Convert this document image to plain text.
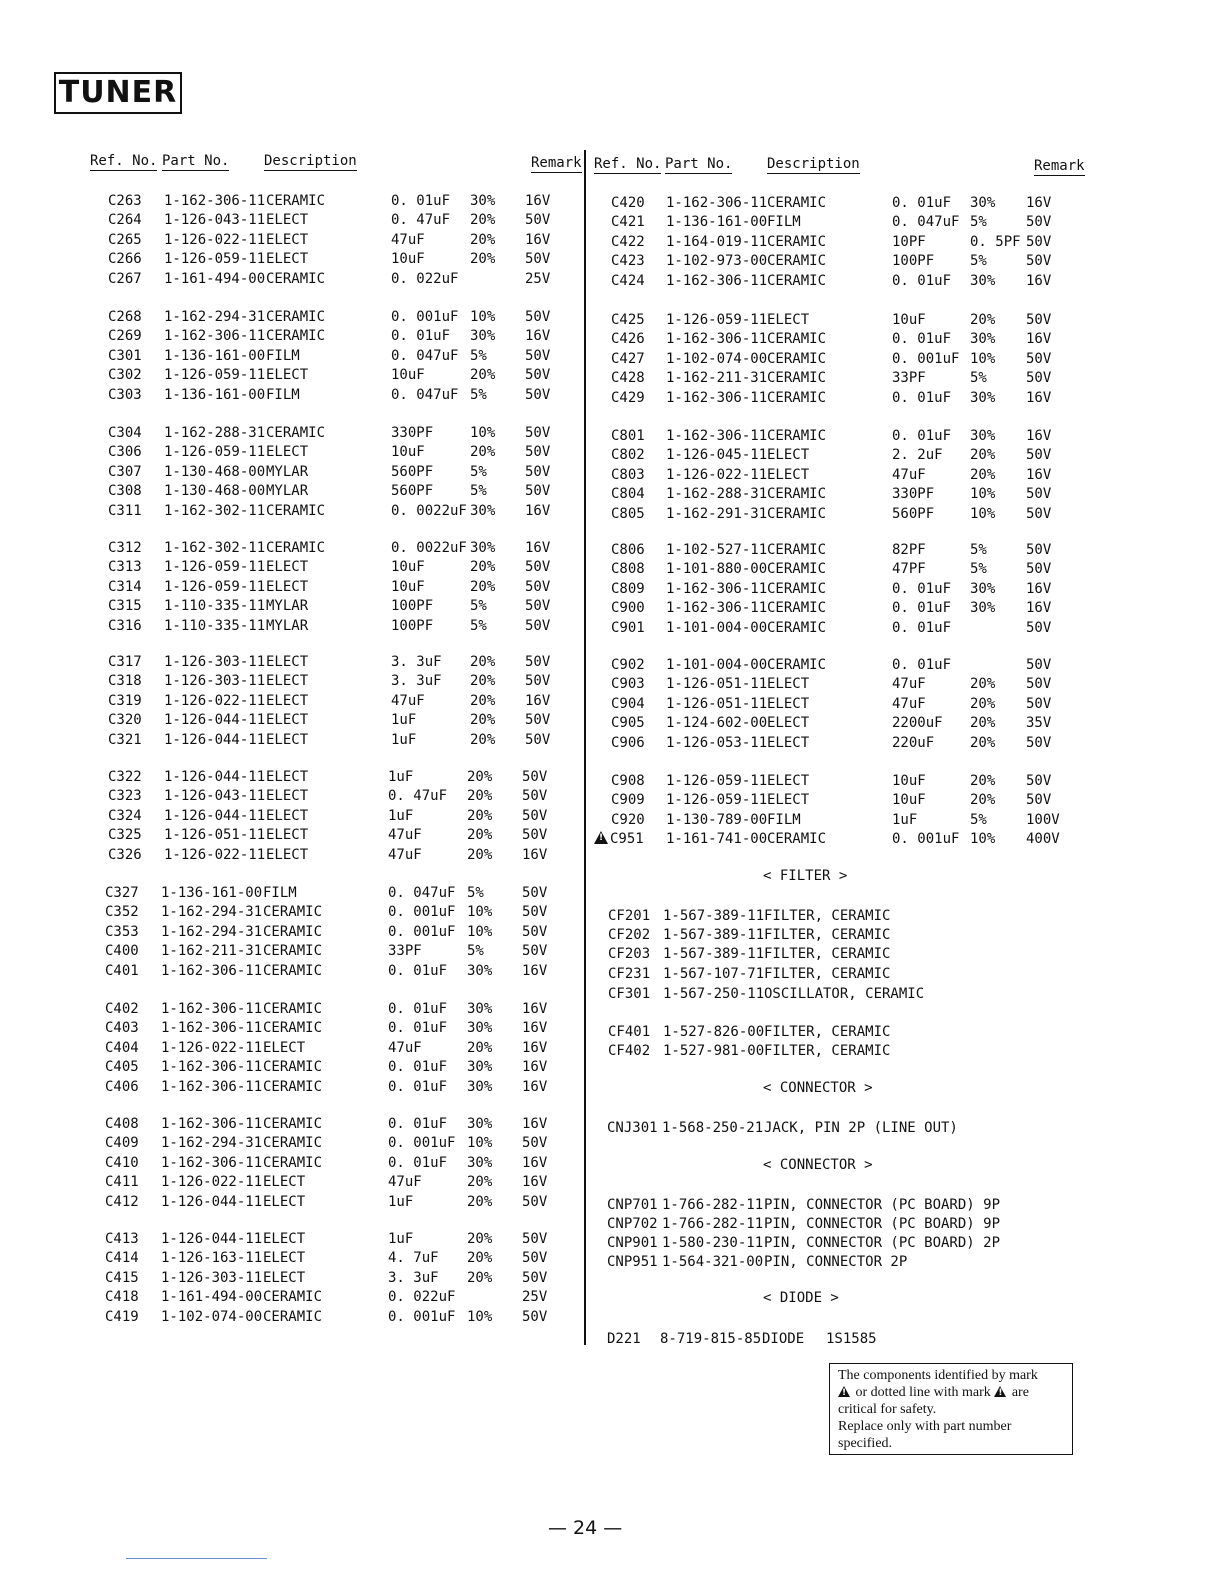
TUNER
Ref. No. Part No. Description	Remark Ref. No. Part No. Description	Remark
C263 1-162-306-11 CERAMIC	0. 01uF 30% 16V
C264 1-126-043-11 ELECT	0. 47uF 20% 50V
C265 1-126-022-11 ELECT	47uF	20% 16V
C266 1-126-059-11 ELECT	10uF	20% 50V
C267 1-161-494-00 CERAMIC	0. 022uF	25V
C268 1-162-294-31 CERAMIC	0. 001uF 10% 50V
C269 1-162-306-11 CERAMIC	0. 01uF 30% 16V
C301 1-136-161-00 FILM	0. 047uF 5%	50V
C302 1-126-059-11 ELECT	10uF	20% 50V
C303 1-136-161-00 FILM	0. 047uF 5%	50V
C304 1-162-288-31 CERAMIC	330PF	10% 50V
C306 1-126-059-11 ELECT	10uF	20% 50V
C307 1-130-468-00 MYLAR	560PF	5%	50V
C308 1-130-468-00 MYLAR	560PF	5%	50V
C311 1-162-302-11 CERAMIC	0. 0022uF 30% 16V
C312 1-162-302-11 CERAMIC	0. 0022uF 30% 16V
C313 1-126-059-11 ELECT	10uF	20% 50V
C314 1-126-059-11 ELECT	10uF	20% 50V
C315 1-110-335-11 MYLAR	100PF	5%	50V
C316 1-110-335-11 MYLAR	100PF	5%	50V
C317 1-126-303-11 ELECT	3. 3uF 20% 50V
C318 1-126-303-11 ELECT	3. 3uF 20% 50V
C319 1-126-022-11 ELECT	47uF	20% 16V
C320 1-126-044-11 ELECT	1uF	20% 50V
C321 1-126-044-11 ELECT	1uF	20% 50V
C322 1-126-044-11 ELECT	1uF	20% 50V
C323 1-126-043-11 ELECT	0. 47uF 20% 50V
C324 1-126-044-11 ELECT	1uF	20% 50V
C325 1-126-051-11 ELECT	47uF	20% 50V
C326 1-126-022-11 ELECT	47uF	20% 16V
C327 1-136-161-00 FILM	0. 047uF 5%	50V
C352 1-162-294-31 CERAMIC	0. 001uF 10% 50V
C353 1-162-294-31 CERAMIC	0. 001uF 10% 50V
C400 1-162-211-31 CERAMIC	33PF	5%	50V
C401 1-162-306-11 CERAMIC	0. 01uF 30% 16V
C402 1-162-306-11 CERAMIC	0. 01uF 30% 16V
C403 1-162-306-11 CERAMIC	0. 01uF 30% 16V
C404 1-126-022-11 ELECT	47uF	20% 16V
C405 1-162-306-11 CERAMIC	0. 01uF 30% 16V
C406 1-162-306-11 CERAMIC	0. 01uF 30% 16V
C408 1-162-306-11 CERAMIC	0. 01uF 30% 16V
C409 1-162-294-31 CERAMIC	0. 001uF 10% 50V
C410 1-162-306-11 CERAMIC	0. 01uF 30% 16V
C411 1-126-022-11 ELECT	47uF	20% 16V
C412 1-126-044-11 ELECT	1uF	20% 50V
C413 1-126-044-11 ELECT	1uF	20% 50V
C414 1-126-163-11 ELECT	4. 7uF 20% 50V
C415 1-126-303-11 ELECT	3. 3uF 20% 50V
C418 1-161-494-00 CERAMIC	0. 022uF	25V
C419 1-102-074-00 CERAMIC	0. 001uF 10% 50V
C420 1-162-306-11 CERAMIC	0. 01uF 30% 16V
C421 1-136-161-00 FILM	0. 047uF 5%	50V
C422 1-164-019-11 CERAMIC	10PF	0. 5PF 50V
C423 1-102-973-00 CERAMIC	100PF	5%	50V
C424 1-162-306-11 CERAMIC	0. 01uF 30% 16V
C425 1-126-059-11 ELECT	10uF	20% 50V
C426 1-162-306-11 CERAMIC	0. 01uF 30% 16V
C427 1-102-074-00 CERAMIC	0. 001uF 10% 50V
C428 1-162-211-31 CERAMIC	33PF	5%	50V
C429 1-162-306-11 CERAMIC	0. 01uF 30% 16V
C801 1-162-306-11 CERAMIC	0. 01uF 30% 16V
C802 1-126-045-11 ELECT	2. 2uF 20% 50V
C803 1-126-022-11 ELECT	47uF	20% 16V
C804 1-162-288-31 CERAMIC	330PF	10% 50V
C805 1-162-291-31 CERAMIC	560PF	10% 50V
C806 1-102-527-11 CERAMIC	82PF	5%	50V
C808 1-101-880-00 CERAMIC	47PF	5%	50V
C809 1-162-306-11 CERAMIC	0. 01uF 30% 16V
C900 1-162-306-11 CERAMIC	0. 01uF 30% 16V
C901 1-101-004-00 CERAMIC	0. 01uF	50V
C902 1-101-004-00 CERAMIC	0. 01uF	50V
C903 1-126-051-11 ELECT	47uF	20% 50V
C904 1-126-051-11 ELECT	47uF	20% 50V
C905 1-124-602-00 ELECT	2200uF 20% 35V
C906 1-126-053-11 ELECT	220uF	20% 50V
C908 1-126-059-11 ELECT	10uF	20% 50V
C909 1-126-059-11 ELECT	10uF	20% 50V
C920 1-130-789-00 FILM	1uF	5%	100V
!C951 1-161-741-00 CERAMIC	0. 001uF 10% 400V
< FILTER >
CF201 1-567-389-11 FILTER, CERAMIC
CF202 1-567-389-11 FILTER, CERAMIC
CF203 1-567-389-11 FILTER, CERAMIC
CF231 1-567-107-71 FILTER, CERAMIC
CF301 1-567-250-11 OSCILLATOR, CERAMIC
CF401 1-527-826-00 FILTER, CERAMIC
CF402 1-527-981-00 FILTER, CERAMIC
< CONNECTOR >
CNJ301 1-568-250-21 JACK, PIN 2P (LINE OUT)
< CONNECTOR >
CNP701 1-766-282-11 PIN, CONNECTOR (PC BOARD) 9P
CNP702 1-766-282-11 PIN, CONNECTOR (PC BOARD) 9P
CNP901 1-580-230-11 PIN, CONNECTOR (PC BOARD) 2P
CNP951 1-564-321-00 PIN, CONNECTOR 2P
< DIODE >
D221 8-719-815-85 DIODE 1S1585
The components identified by mark
! or dotted line with mark ! are
critical for safety.
Replace only with part number
specified.
— 24 —
